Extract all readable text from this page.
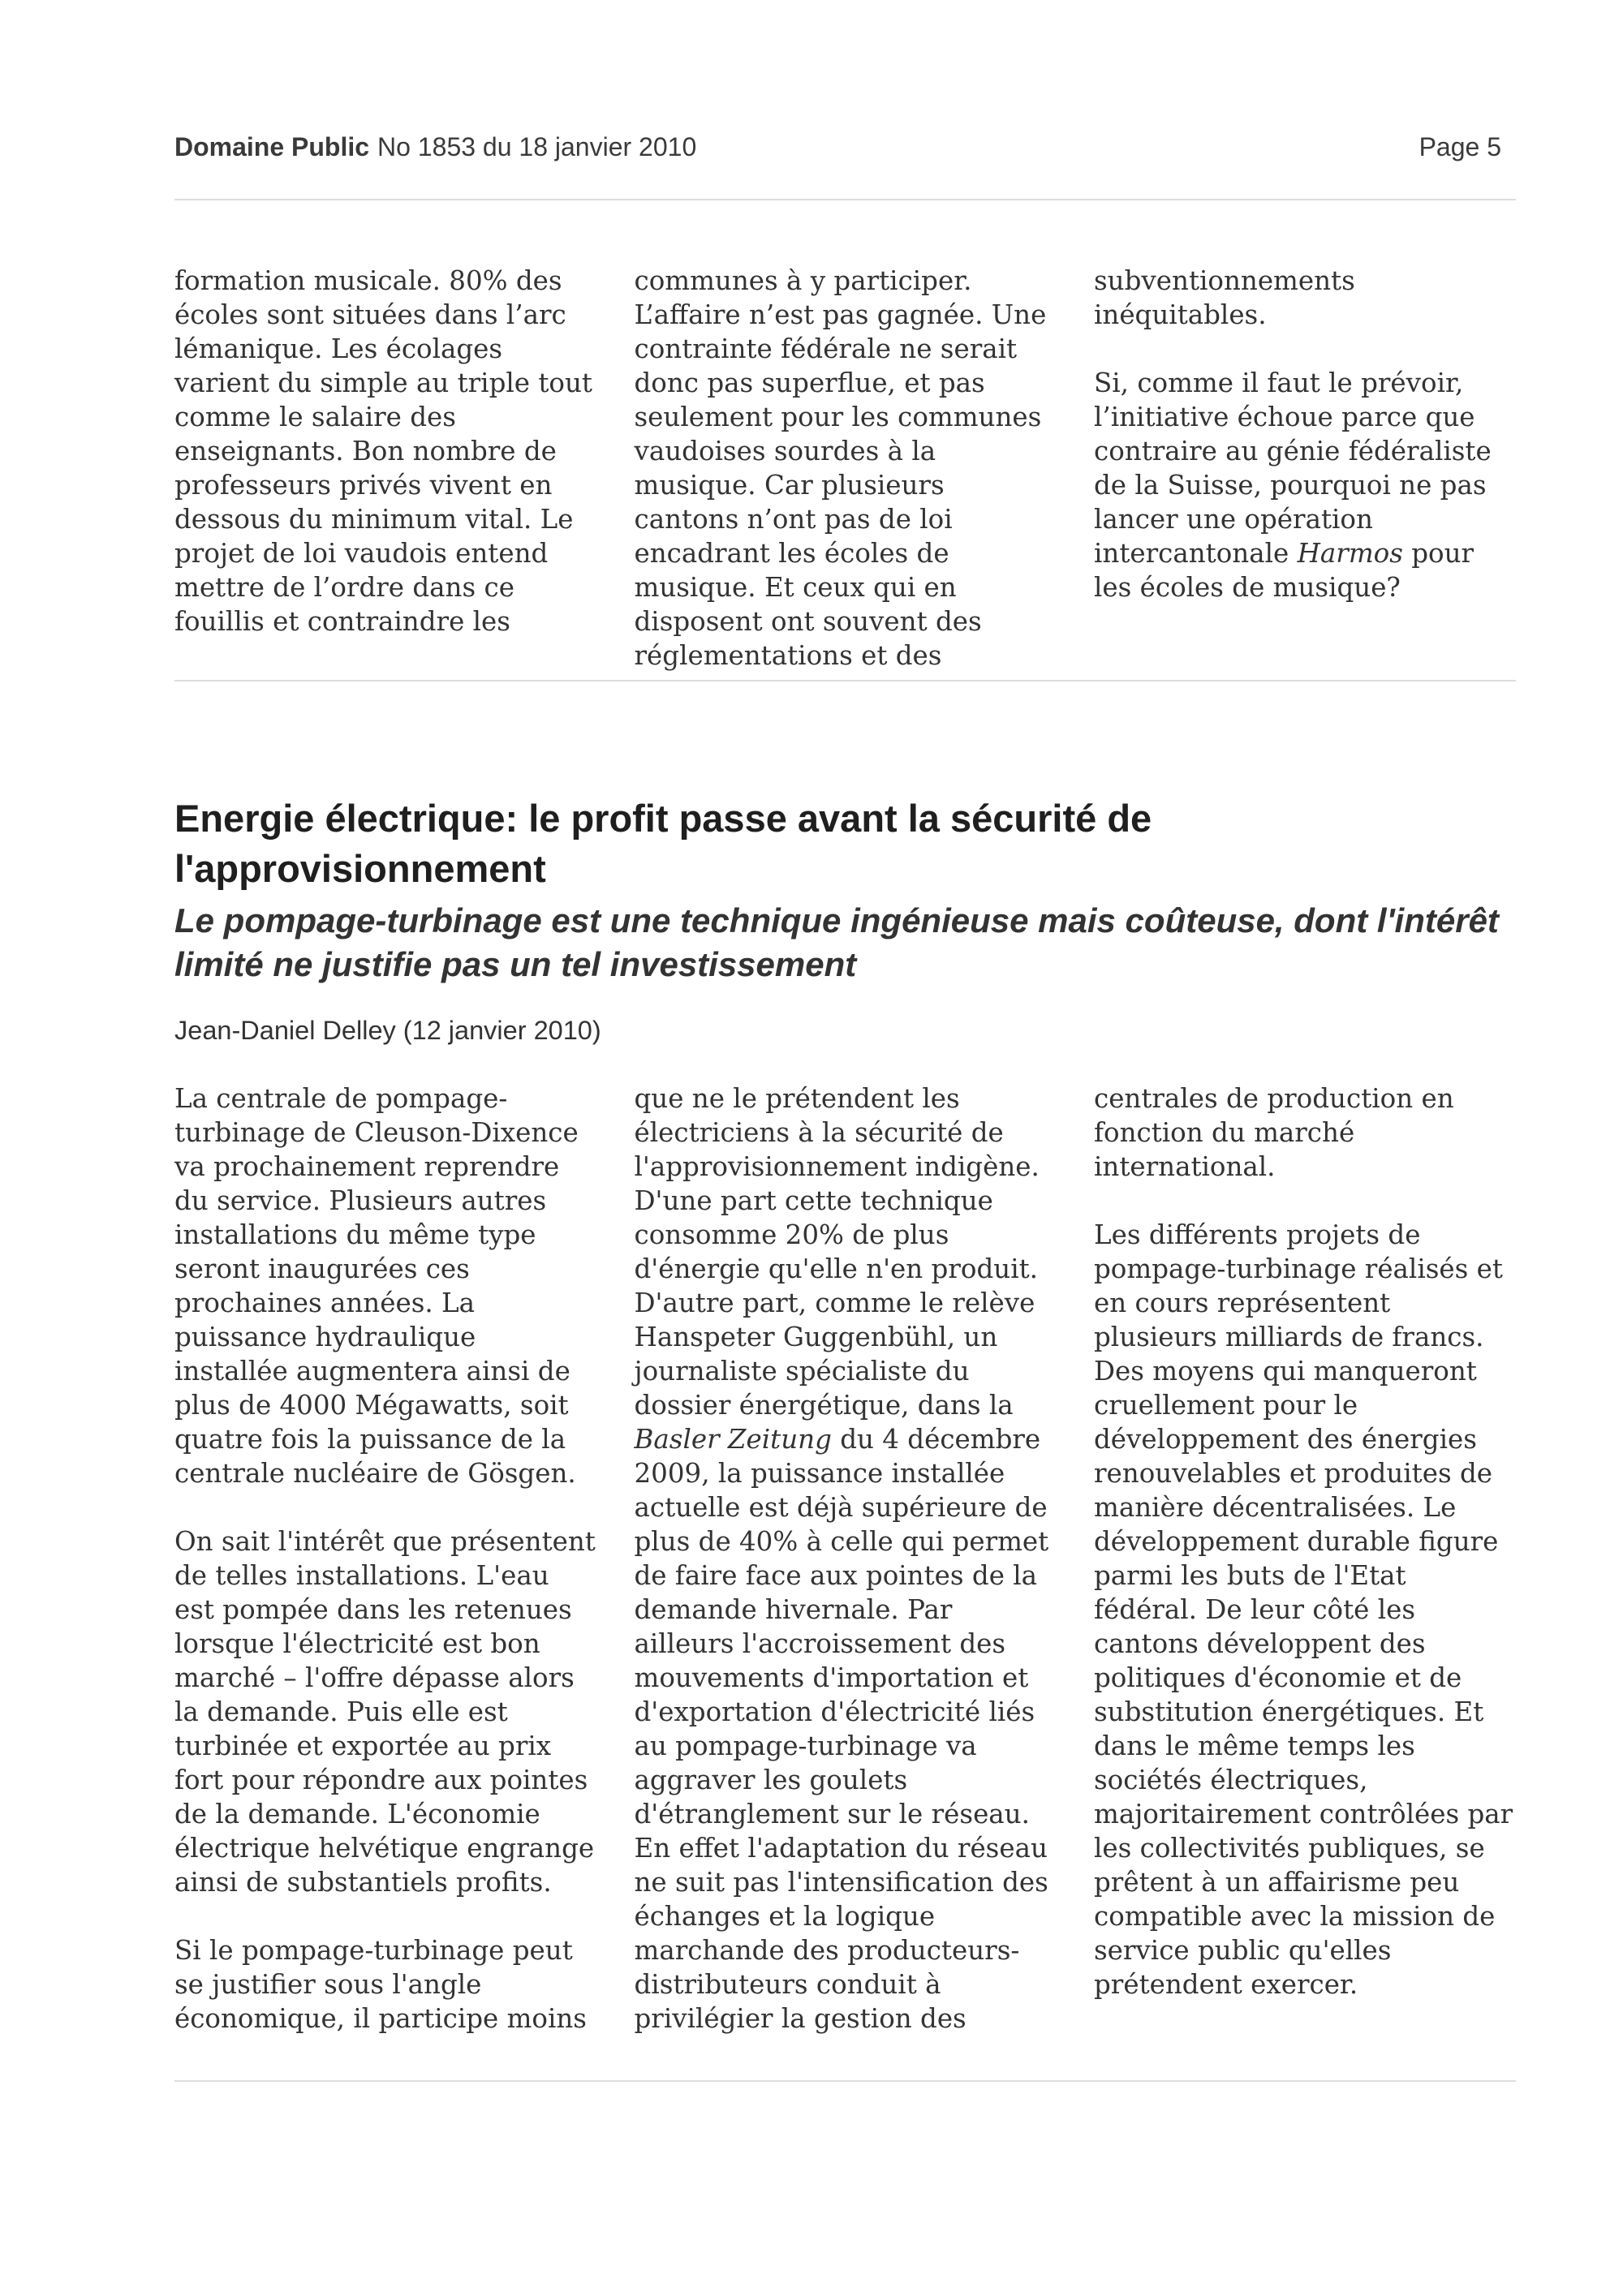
Domaine Public No 1853 du 18 janvier 2010	Page 5

formation musicale. 80% des écoles sont situées dans l’arc lémanique. Les écolages varient du simple au triple tout comme le salaire des enseignants. Bon nombre de professeurs privés vivent en dessous du minimum vital. Le projet de loi vaudois entend mettre de l’ordre dans ce fouillis et contraindre les

communes à y participer. L’affaire n’est pas gagnée. Une contrainte fédérale ne serait donc pas superflue, et pas seulement pour les communes vaudoises sourdes à la musique. Car plusieurs cantons n’ont pas de loi encadrant les écoles de musique. Et ceux qui en disposent ont souvent des réglementations et des

subventionnements inéquitables.

Si, comme il faut le prévoir, l’initiative échoue parce que contraire au génie fédéraliste de la Suisse, pourquoi ne pas lancer une opération intercantonale Harmos pour les écoles de musique?

Energie électrique: le profit passe avant la sécurité de l'approvisionnement
Le pompage-turbinage est une technique ingénieuse mais coûteuse, dont l'intérêt limité ne justifie pas un tel investissement
Jean-Daniel Delley (12 janvier 2010)

La centrale de pompage-turbinage de Cleuson-Dixence va prochainement reprendre du service. Plusieurs autres installations du même type seront inaugurées ces prochaines années. La puissance hydraulique installée augmentera ainsi de plus de 4000 Mégawatts, soit quatre fois la puissance de la centrale nucléaire de Gösgen.

On sait l'intérêt que présentent de telles installations. L'eau est pompée dans les retenues lorsque l'électricité est bon marché – l'offre dépasse alors la demande. Puis elle est turbinée et exportée au prix fort pour répondre aux pointes de la demande. L'économie électrique helvétique engrange ainsi de substantiels profits.

Si le pompage-turbinage peut se justifier sous l'angle économique, il participe moins

que ne le prétendent les électriciens à la sécurité de l'approvisionnement indigène. D'une part cette technique consomme 20% de plus d'énergie qu'elle n'en produit. D'autre part, comme le relève Hanspeter Guggenbühl, un journaliste spécialiste du dossier énergétique, dans la Basler Zeitung du 4 décembre 2009, la puissance installée actuelle est déjà supérieure de plus de 40% à celle qui permet de faire face aux pointes de la demande hivernale. Par ailleurs l'accroissement des mouvements d'importation et d'exportation d'électricité liés au pompage-turbinage va aggraver les goulets d'étranglement sur le réseau. En effet l'adaptation du réseau ne suit pas l'intensification des échanges et la logique marchande des producteurs-distributeurs conduit à privilégier la gestion des

centrales de production en fonction du marché international.

Les différents projets de pompage-turbinage réalisés et en cours représentent plusieurs milliards de francs. Des moyens qui manqueront cruellement pour le développement des énergies renouvelables et produites de manière décentralisées. Le développement durable figure parmi les buts de l'Etat fédéral. De leur côté les cantons développent des politiques d'économie et de substitution énergétiques. Et dans le même temps les sociétés électriques, majoritairement contrôlées par les collectivités publiques, se prêtent à un affairisme peu compatible avec la mission de service public qu'elles prétendent exercer.
